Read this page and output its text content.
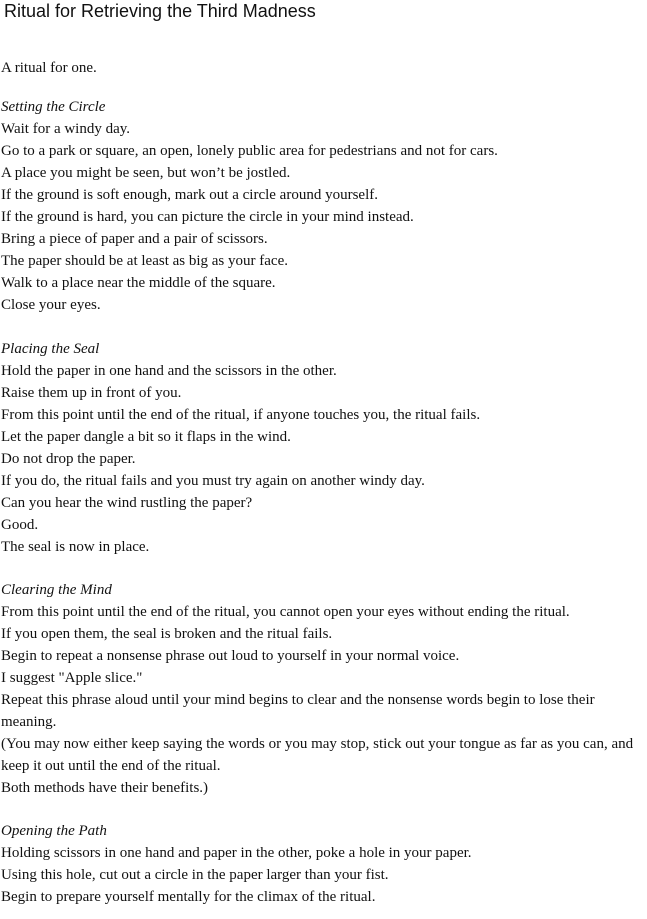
Ritual for Retrieving the Third Madness
A ritual for one.
Setting the Circle
Wait for a windy day.
Go to a park or square, an open, lonely public area for pedestrians and not for cars.
A place you might be seen, but won’t be jostled.
If the ground is soft enough, mark out a circle around yourself.
If the ground is hard, you can picture the circle in your mind instead.
Bring a piece of paper and a pair of scissors.
The paper should be at least as big as your face.
Walk to a place near the middle of the square.
Close your eyes.
Placing the Seal
Hold the paper in one hand and the scissors in the other.
Raise them up in front of you.
From this point until the end of the ritual, if anyone touches you, the ritual fails.
Let the paper dangle a bit so it flaps in the wind.
Do not drop the paper.
If you do, the ritual fails and you must try again on another windy day.
Can you hear the wind rustling the paper?
Good.
The seal is now in place.
Clearing the Mind
From this point until the end of the ritual, you cannot open your eyes without ending the ritual.
If you open them, the seal is broken and the ritual fails.
Begin to repeat a nonsense phrase out loud to yourself in your normal voice.
I suggest "Apple slice."
Repeat this phrase aloud until your mind begins to clear and the nonsense words begin to lose their meaning.
(You may now either keep saying the words or you may stop, stick out your tongue as far as you can, and keep it out until the end of the ritual.
Both methods have their benefits.)
Opening the Path
Holding scissors in one hand and paper in the other, poke a hole in your paper.
Using this hole, cut out a circle in the paper larger than your fist.
Begin to prepare yourself mentally for the climax of the ritual.
